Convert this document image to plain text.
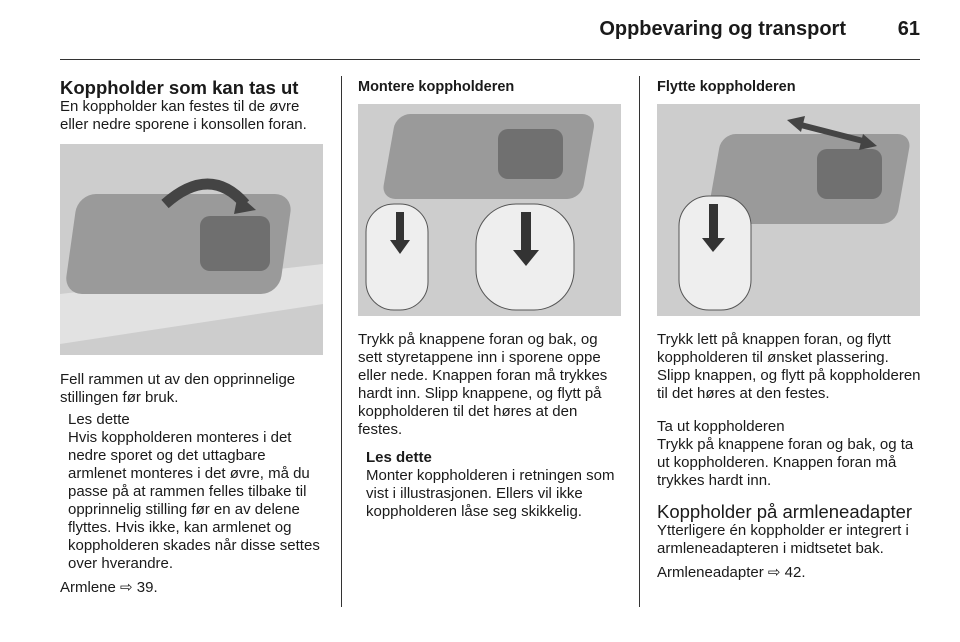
Oppbevaring og transport	61
Koppholder som kan tas ut

En koppholder kan festes til de øvre eller nedre sporene i konsollen foran.

Fell rammen ut av den opprinnelige stillingen før bruk.

Les dette

Hvis koppholderen monteres i det nedre sporet og det uttagbare armlenet monteres i det øvre, må du passe på at rammen felles tilbake til opprinnelig stilling før en av delene flyttes. Hvis ikke, kan armlenet og koppholderen skades når disse settes over hverandre.

Armlene ⇨ 39.

Montere koppholderen

Trykk på knappene foran og bak, og sett styretappene inn i sporene oppe eller nede. Knappen foran må trykkes hardt inn. Slipp knappene, og flytt på koppholderen til det høres at den festes.

Les dette

Monter koppholderen i retningen som vist i illustrasjonen. Ellers vil ikke koppholderen låse seg skikkelig.

Flytte koppholderen

Trykk lett på knappen foran, og flytt koppholderen til ønsket plassering. Slipp knappen, og flytt på koppholderen til det høres at den festes.

Ta ut koppholderen

Trykk på knappene foran og bak, og ta ut koppholderen. Knappen foran må trykkes hardt inn.

Koppholder på armleneadapter

Ytterligere én koppholder er integrert i armleneadapteren i midtsetet bak.

Armleneadapter ⇨ 42.
